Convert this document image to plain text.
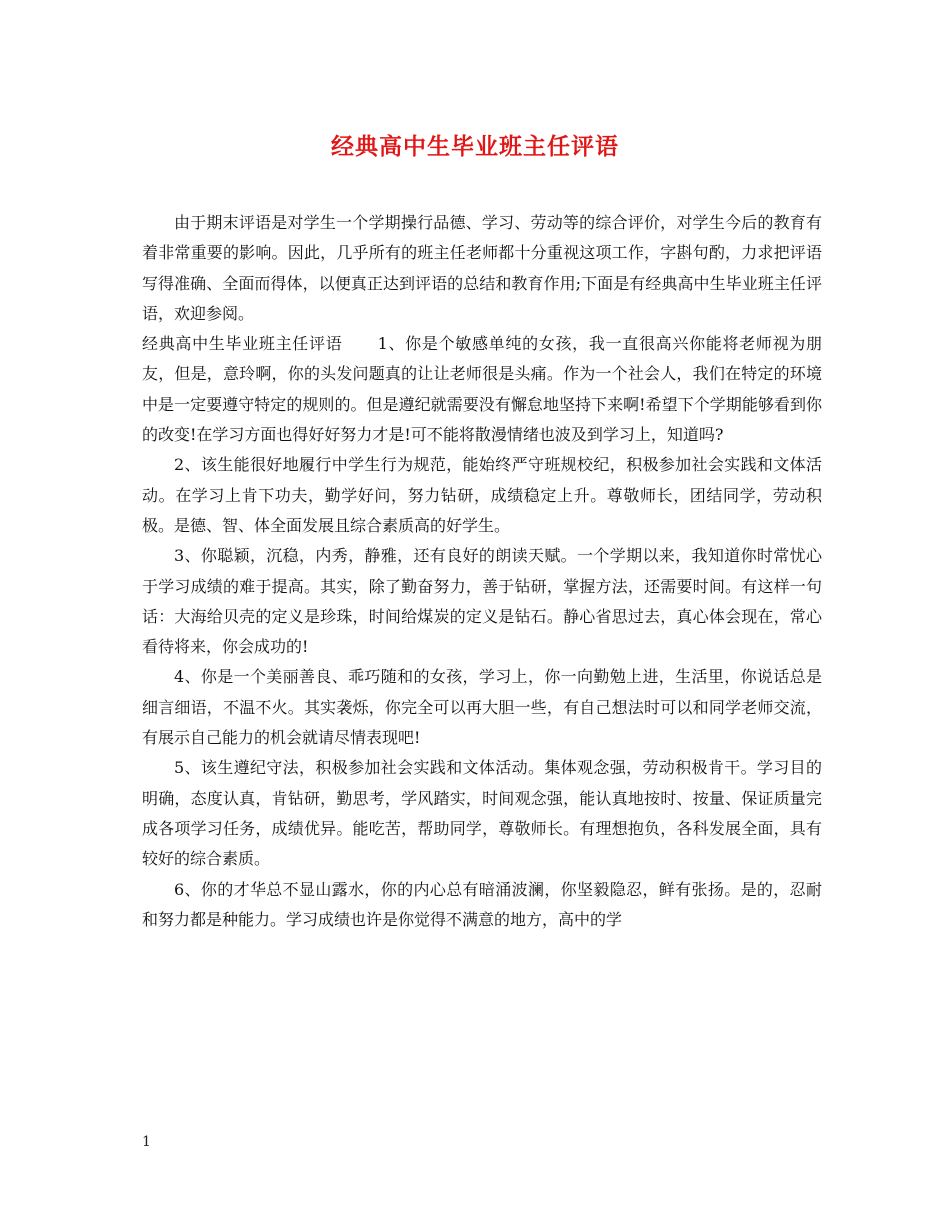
经典高中生毕业班主任评语

由于期末评语是对学生一个学期操行品德、学习、劳动等的综合评价，对学生今后的教育有着非常重要的影响。因此，几乎所有的班主任老师都十分重视这项工作，字斟句酌，力求把评语写得准确、全面而得体，以便真正达到评语的总结和教育作用;下面是有经典高中生毕业班主任评语，欢迎参阅。

经典高中生毕业班主任评语 1、你是个敏感单纯的女孩，我一直很高兴你能将老师视为朋友，但是，意玲啊，你的头发问题真的让让老师很是头痛。作为一个社会人，我们在特定的环境中是一定要遵守特定的规则的。但是遵纪就需要没有懈怠地坚持下来啊!希望下个学期能够看到你的改变!在学习方面也得好好努力才是!可不能将散漫情绪也波及到学习上，知道吗?

2、该生能很好地履行中学生行为规范，能始终严守班规校纪，积极参加社会实践和文体活动。在学习上肯下功夫，勤学好问，努力钻研，成绩稳定上升。尊敬师长，团结同学，劳动积极。是德、智、体全面发展且综合素质高的好学生。

3、你聪颖，沉稳，内秀，静雅，还有良好的朗读天赋。一个学期以来，我知道你时常忧心于学习成绩的难于提高。其实，除了勤奋努力，善于钻研，掌握方法，还需要时间。有这样一句话：大海给贝壳的定义是珍珠，时间给煤炭的定义是钻石。静心省思过去，真心体会现在，常心看待将来，你会成功的!

4、你是一个美丽善良、乖巧随和的女孩，学习上，你一向勤勉上进，生活里，你说话总是细言细语，不温不火。其实袭烁，你完全可以再大胆一些，有自己想法时可以和同学老师交流，有展示自己能力的机会就请尽情表现吧!

5、该生遵纪守法，积极参加社会实践和文体活动。集体观念强，劳动积极肯干。学习目的明确，态度认真，肯钻研，勤思考，学风踏实，时间观念强，能认真地按时、按量、保证质量完成各项学习任务，成绩优异。能吃苦，帮助同学，尊敬师长。有理想抱负，各科发展全面，具有较好的综合素质。

6、你的才华总不显山露水，你的内心总有暗涌波澜，你坚毅隐忍，鲜有张扬。是的，忍耐和努力都是种能力。学习成绩也许是你觉得不满意的地方，高中的学

1
